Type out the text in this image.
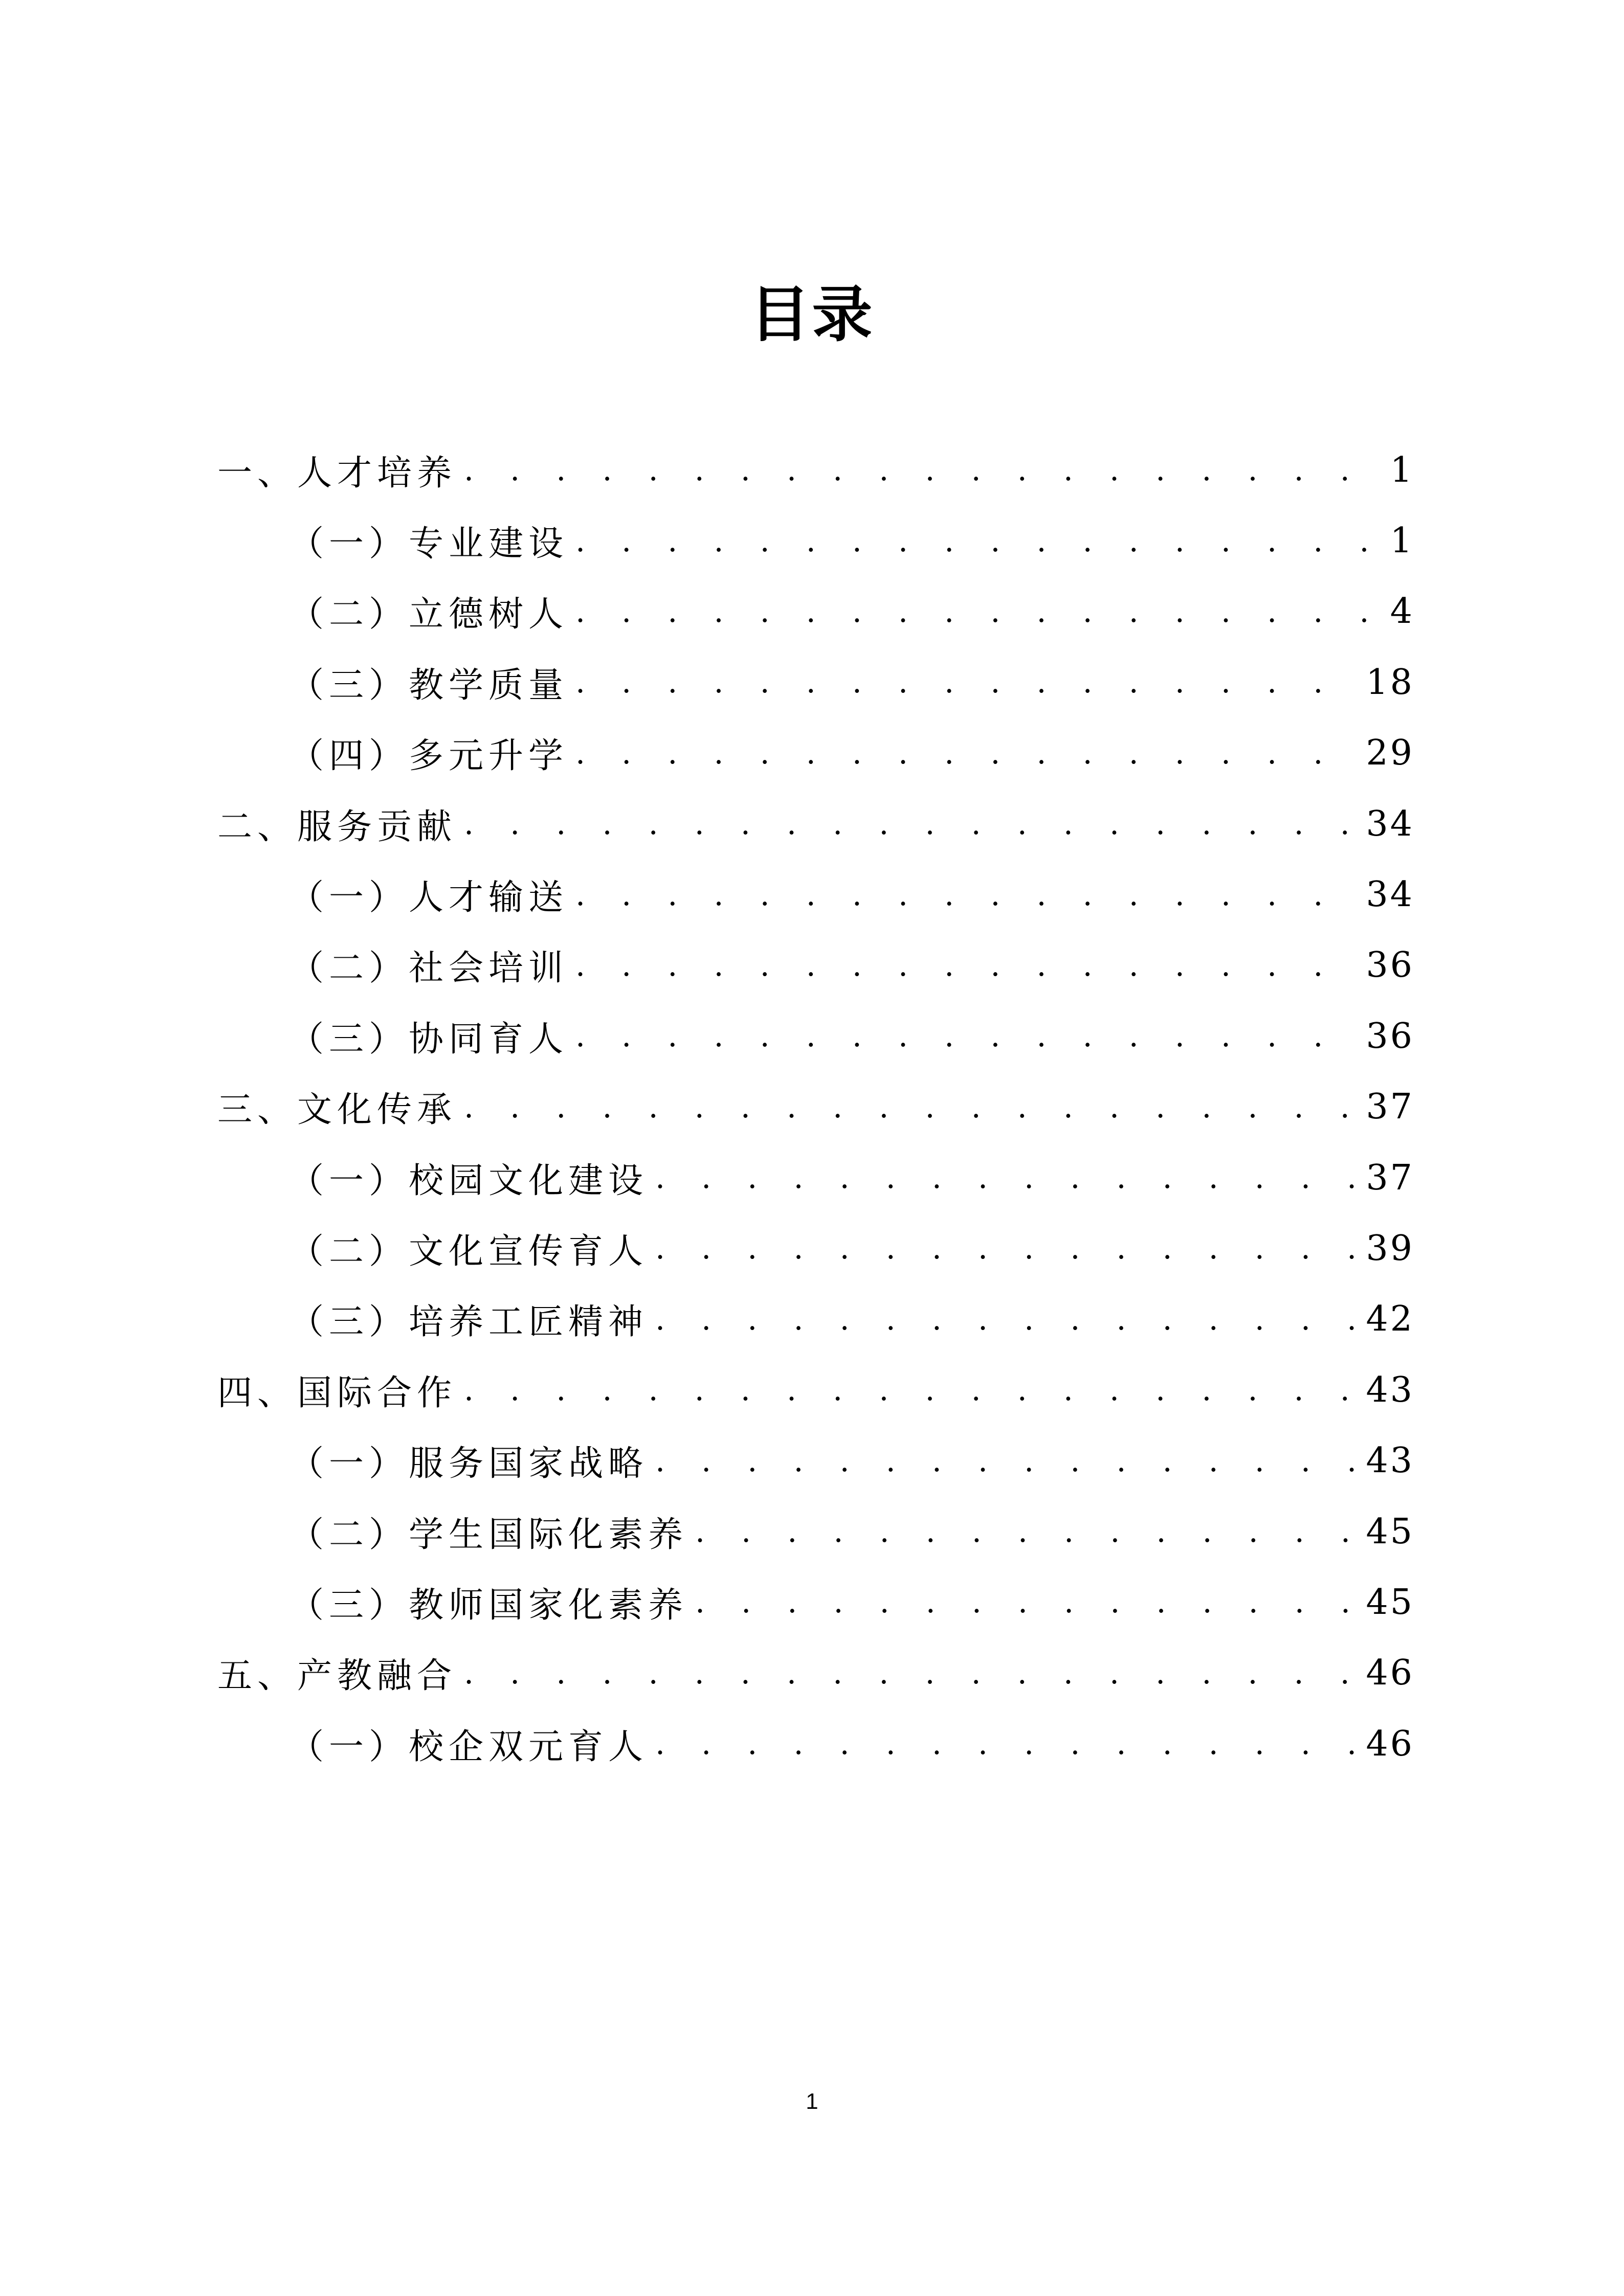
目录
一、人才培养 . . .	1
（一）专业建设 . . .	1
（二）立德树人 . . .	4
（三）教学质量 . . .	18
（四）多元升学 . . .	29
二、服务贡献 . . .	34
（一）人才输送 . . .	34
（二）社会培训 . . .	36
（三）协同育人 . . .	36
三、文化传承 . . .	37
（一）校园文化建设 . . .	37
（二）文化宣传育人 . . .	39
（三）培养工匠精神 . . .	42
四、国际合作 . . .	43
（一）服务国家战略 . . .	43
（二）学生国际化素养 . . .	45
（三）教师国家化素养 . . .	45
五、产教融合 . . .	46
（一）校企双元育人 . . .	46
1
